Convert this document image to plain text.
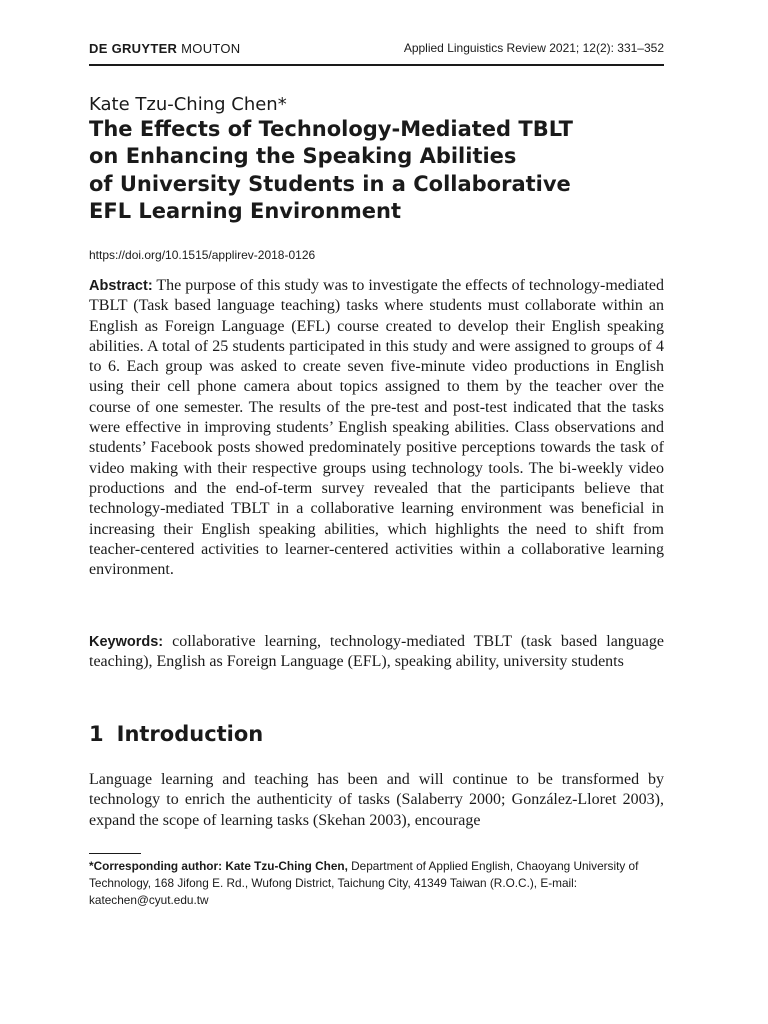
DE GRUYTER MOUTON	Applied Linguistics Review 2021; 12(2): 331–352
Kate Tzu-Ching Chen*
The Effects of Technology-Mediated TBLT
on Enhancing the Speaking Abilities
of University Students in a Collaborative
EFL Learning Environment
https://doi.org/10.1515/applirev-2018-0126

Abstract: The purpose of this study was to investigate the effects of technology-mediated TBLT (Task based language teaching) tasks where students must collaborate within an English as Foreign Language (EFL) course created to develop their English speaking abilities. A total of 25 students participated in this study and were assigned to groups of 4 to 6. Each group was asked to create seven five-minute video productions in English using their cell phone camera about topics assigned to them by the teacher over the course of one semester. The results of the pre-test and post-test indicated that the tasks were effective in improving students’ English speaking abilities. Class observations and students’ Facebook posts showed predominately positive perceptions towards the task of video making with their respective groups using technology tools. The bi-weekly video productions and the end-of-term survey revealed that the participants believe that technology-mediated TBLT in a collaborative learning environment was beneficial in increasing their English speaking abilities, which highlights the need to shift from teacher-centered activities to learner-centered activities within a collaborative learning environment.

Keywords: collaborative learning, technology-mediated TBLT (task based language teaching), English as Foreign Language (EFL), speaking ability, university students

1 Introduction

Language learning and teaching has been and will continue to be transformed by technology to enrich the authenticity of tasks (Salaberry 2000; González-Lloret 2003), expand the scope of learning tasks (Skehan 2003), encourage

*Corresponding author: Kate Tzu-Ching Chen, Department of Applied English, Chaoyang University of Technology, 168 Jifong E. Rd., Wufong District, Taichung City, 41349 Taiwan (R.O.C.), E-mail: katechen@cyut.edu.tw
